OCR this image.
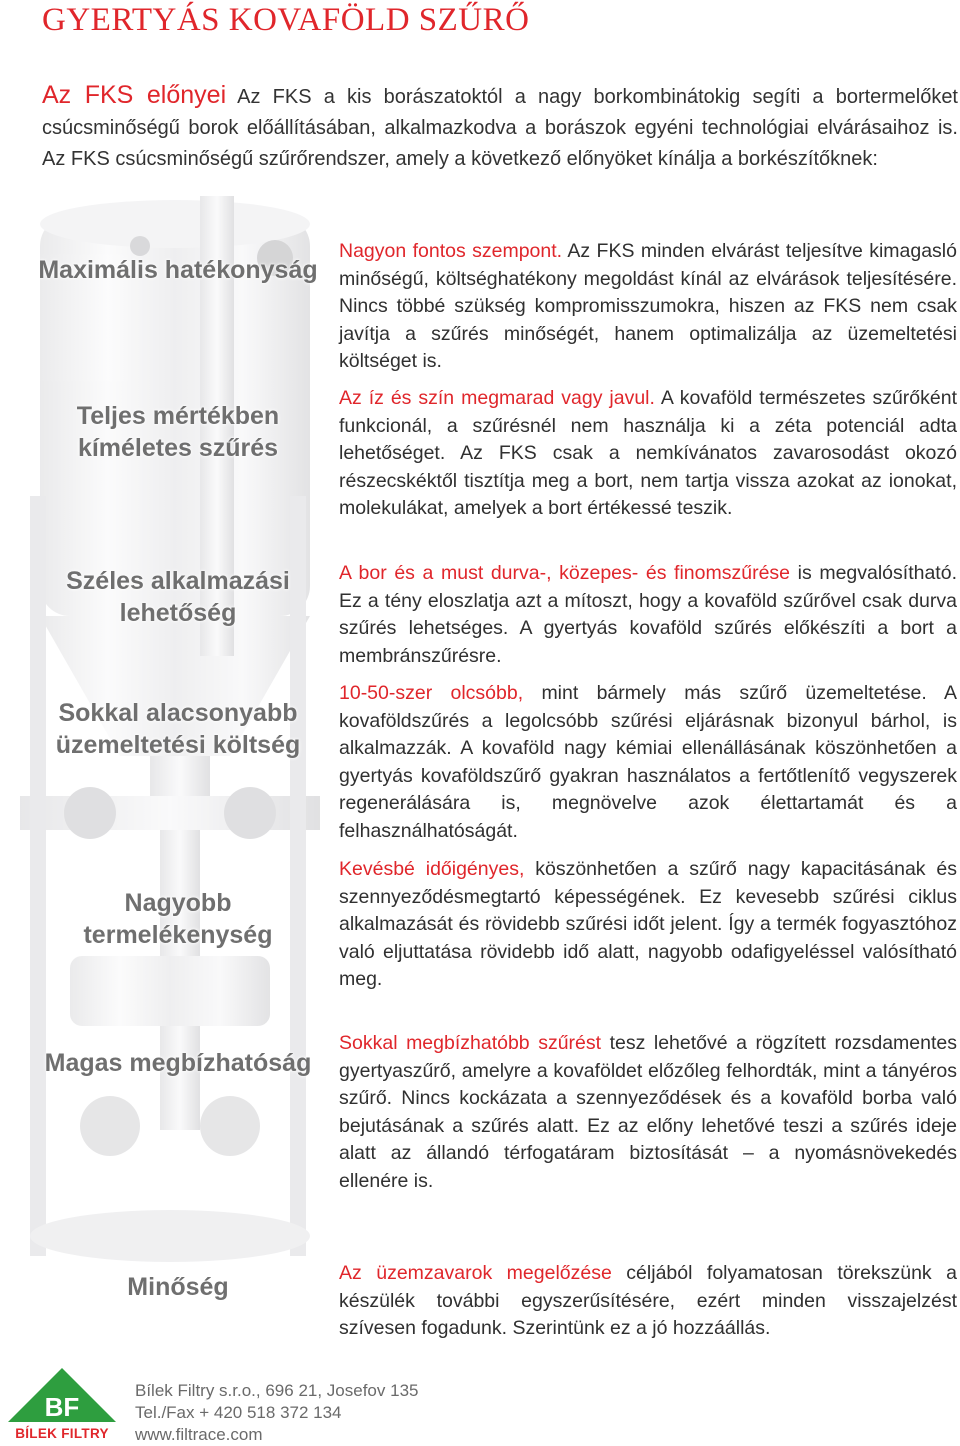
GYERTYÁS KOVAFÖLD SZŰRŐ
Az FKS előnyei Az FKS a kis borászatoktól a nagy borkombinátokig segíti a bortermelőket csúcsminőségű borok előállításában, alkalmazkodva a borászok egyéni technológiai elvárásaihoz is. Az FKS csúcsminőségű szűrőrendszer, amely a következő előnyöket kínálja a borkészítőknek:
Maximális hatékonyság
Teljes mértékben kíméletes szűrés
Széles alkalmazási lehetőség
Sokkal alacsonyabb üzemeltetési költség
Nagyobb termelékenység
Magas megbízhatóság
Minőség
Nagyon fontos szempont. Az FKS minden elvárást teljesítve kimagasló minőségű, költséghatékony megoldást kínál az elvárások teljesítésére. Nincs többé szükség kompromisszumokra, hiszen az FKS nem csak javítja a szűrés minőségét, hanem optimalizálja az üzemeltetési költséget is.
Az íz és szín megmarad vagy javul. A kovaföld természetes szűrőként funkcionál, a szűrésnél nem használja ki a zéta potenciál adta lehetőséget. Az FKS csak a nemkívánatos zavarosodást okozó részecskéktől tisztítja meg a bort, nem tartja vissza azokat az ionokat, molekulákat, amelyek a bort értékessé teszik.
A bor és a must durva-, közepes- és finomszűrése is megvalósítható. Ez a tény eloszlatja azt a mítoszt, hogy a kovaföld szűrővel csak durva szűrés lehetséges. A gyertyás kovaföld szűrés előkészíti a bort a membránszűrésre.
10-50-szer olcsóbb, mint bármely más szűrő üzemeltetése. A kovaföldszűrés a legolcsóbb szűrési eljárásnak bizonyul bárhol, is alkalmazzák. A kovaföld nagy kémiai ellenállásának köszönhetően a gyertyás kovaföldszűrő gyakran használatos a fertőtlenítő vegyszerek regenerálására is, megnövelve azok élettartamát és a felhasználhatóságát.
Kevésbé időigényes, köszönhetően a szűrő nagy kapacitásának és szennyeződésmegtartó képességének. Ez kevesebb szűrési ciklus alkalmazását és rövidebb szűrési időt jelent. Így a termék fogyasztóhoz való eljuttatása rövidebb idő alatt, nagyobb odafigyeléssel valósítható meg.
Sokkal megbízhatóbb szűrést tesz lehetővé a rögzített rozsdamentes gyertyaszűrő, amelyre a kovaföldet előzőleg felhordták, mint a tányéros szűrő. Nincs kockázata a szennyeződések és a kovaföld borba való bejutásának a szűrés alatt. Ez az előny lehetővé teszi a szűrés ideje alatt az állandó térfogatáram biztosítását – a nyomásnövekedés ellenére is.
Az üzemzavarok megelőzése céljából folyamatosan törekszünk a készülék további egyszerűsítésére, ezért minden visszajelzést szívesen fogadunk. Szerintünk ez a jó hozzáállás.
BF
BÍLEK FILTRY
Bílek Filtry s.r.o., 696 21, Josefov 135
Tel./Fax + 420 518 372 134
www.filtrace.com
